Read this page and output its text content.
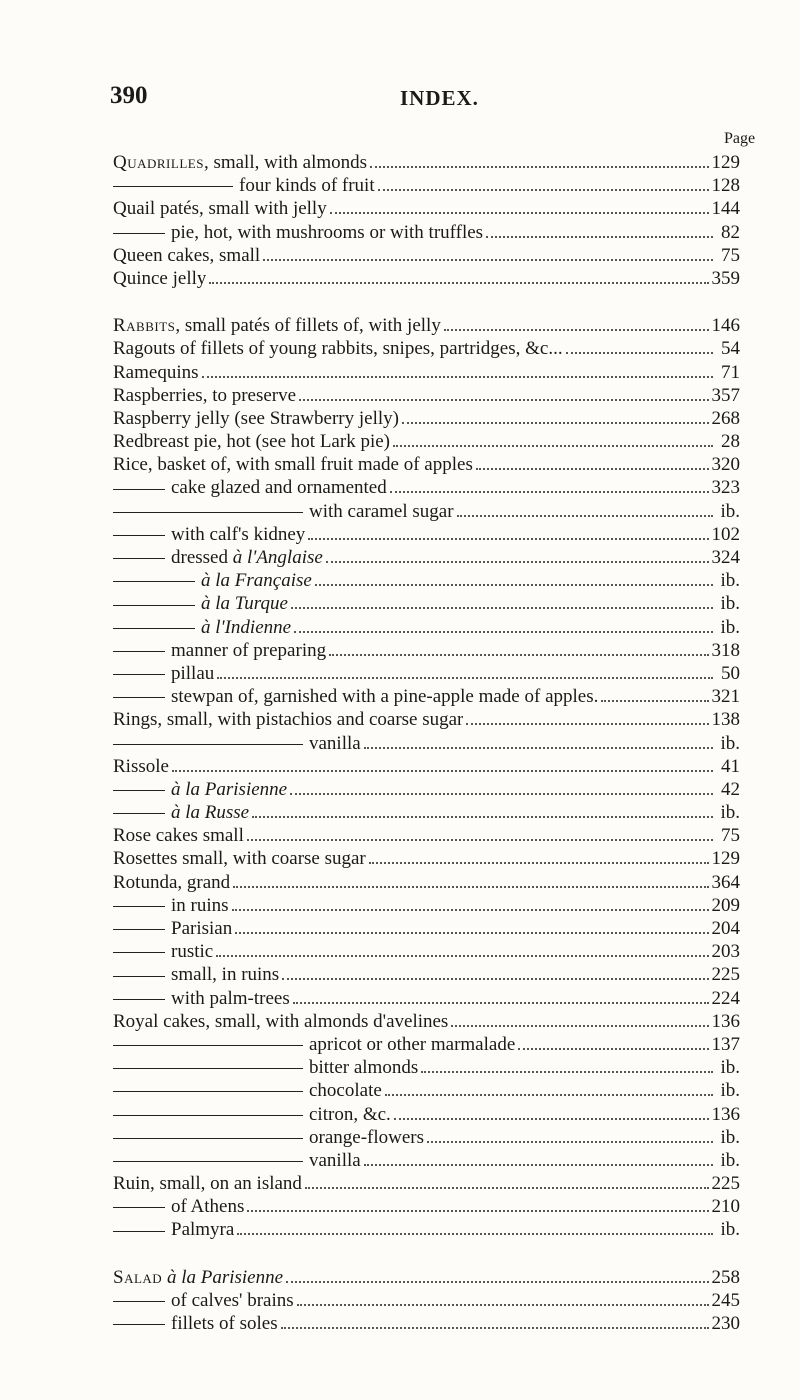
390	INDEX.
Page
Quadrilles, small, with almonds	129
four kinds of fruit	128
Quail patés, small with jelly	144
pie, hot, with mushrooms or with truffles	82
Queen cakes, small	75
Quince jelly	359
Rabbits, small patés of fillets of, with jelly	146
Ragouts of fillets of young rabbits, snipes, partridges, &c...	54
Ramequins	71
Raspberries, to preserve	357
Raspberry jelly (see Strawberry jelly)	268
Redbreast pie, hot (see hot Lark pie)	28
Rice, basket of, with small fruit made of apples	320
cake glazed and ornamented	323
with caramel sugar	ib.
with calf's kidney	102
dressed à l'Anglaise	324
à la Française	ib.
à la Turque	ib.
à l'Indienne	ib.
manner of preparing	318
pillau	50
stewpan of, garnished with a pine-apple made of apples.	321
Rings, small, with pistachios and coarse sugar	138
vanilla	ib.
Rissole	41
à la Parisienne	42
à la Russe	ib.
Rose cakes small	75
Rosettes small, with coarse sugar	129
Rotunda, grand	364
in ruins	209
Parisian	204
rustic	203
small, in ruins	225
with palm-trees	224
Royal cakes, small, with almonds d'avelines	136
apricot or other marmalade	137
bitter almonds	ib.
chocolate	ib.
citron, &c.	136
orange-flowers	ib.
vanilla	ib.
Ruin, small, on an island	225
of Athens	210
Palmyra	ib.
Salad à la Parisienne	258
of calves' brains	245
fillets of soles	230
